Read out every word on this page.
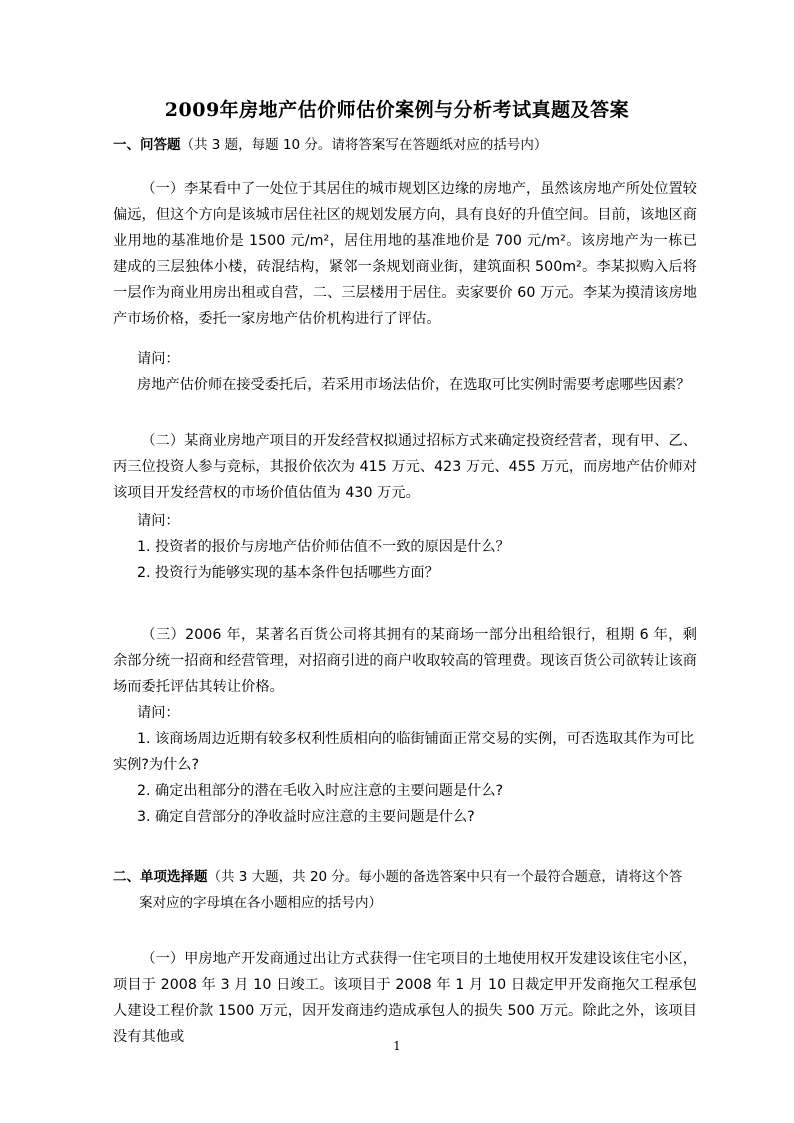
2009年房地产估价师估价案例与分析考试真题及答案
一、问答题（共 3 题，每题 10 分。请将答案写在答题纸对应的括号内）
（一）李某看中了一处位于其居住的城市规划区边缘的房地产，虽然该房地产所处位置较偏远，但这个方向是该城市居住社区的规划发展方向，具有良好的升值空间。目前，该地区商业用地的基准地价是 1500 元/m²，居住用地的基准地价是 700 元/m²。该房地产为一栋已建成的三层独体小楼，砖混结构，紧邻一条规划商业街，建筑面积 500m²。李某拟购入后将一层作为商业用房出租或自营，二、三层楼用于居住。卖家要价 60 万元。李某为摸清该房地产市场价格，委托一家房地产估价机构进行了评估。
请问：
房地产估价师在接受委托后，若采用市场法估价，在选取可比实例时需要考虑哪些因素？
（二）某商业房地产项目的开发经营权拟通过招标方式来确定投资经营者，现有甲、乙、丙三位投资人参与竞标，其报价依次为 415 万元、423 万元、455 万元，而房地产估价师对该项目开发经营权的市场价值估值为 430 万元。
请问：
1. 投资者的报价与房地产估价师估值不一致的原因是什么？
2. 投资行为能够实现的基本条件包括哪些方面？
（三）2006 年，某著名百货公司将其拥有的某商场一部分出租给银行，租期 6 年，剩余部分统一招商和经营管理，对招商引进的商户收取较高的管理费。现该百货公司欲转让该商场而委托评估其转让价格。
请问：
1. 该商场周边近期有较多权利性质相向的临街铺面正常交易的实例，可否选取其作为可比实例?为什么?
2. 确定出租部分的潜在毛收入时应注意的主要问题是什么?
3. 确定自营部分的净收益时应注意的主要问题是什么?
二、单项选择题（共 3 大题，共 20 分。每小题的备选答案中只有一个最符合题意，请将这个答
案对应的字母填在各小题相应的括号内）
（一）甲房地产开发商通过出让方式获得一住宅项目的土地使用权开发建设该住宅小区，项目于 2008 年 3 月 10 日竣工。该项目于 2008 年 1 月 10 日裁定甲开发商拖欠工程承包人建设工程价款 1500 万元，因开发商违约造成承包人的损失 500 万元。除此之外，该项目没有其他或
1
